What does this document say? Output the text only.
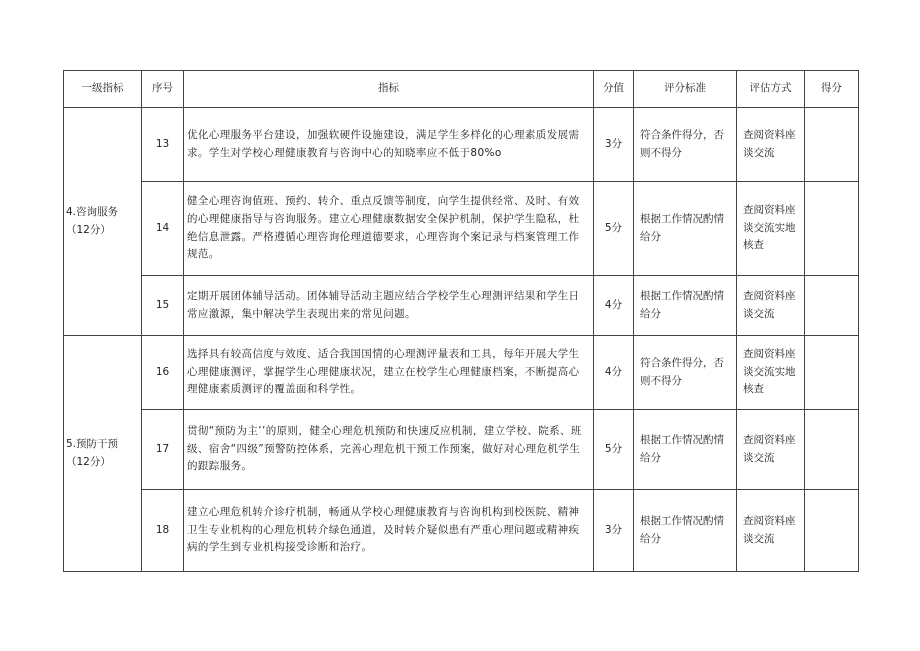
一级指标	序号	指标	分值	评分标准	评估方式	得分
4.咨询服务（12分）	13	优化心理服务平台建设，加强软硬件设施建设，满足学生多样化的心理素质发展需求。学生对学校心理健康教育与咨询中心的知晓率应不低于80%o	3分	符合条件得分，否则不得分	查阅资料座谈交流	
	14	健全心理咨询值班、预约、转介、重点反馈等制度，向学生提供经常、及时、有效的心理健康指导与咨询服务。建立心理健康数据安全保护机制，保护学生隐私，杜绝信息泄露。严格遵循心理咨询伦理道德要求，心理咨询个案记录与档案管理工作规范。	5分	根据工作情况酌情给分	查阅资料座谈交流实地核查	
	15	定期开展团体辅导活动。团体辅导活动主题应结合学校学生心理测评结果和学生日常应激源，集中解决学生表现出来的常见问题。	4分	根据工作情况酌情给分	查阅资料座谈交流	
5.预防干预（12分）	16	选择具有较高信度与效度、适合我国国情的心理测评量表和工具，每年开展大学生心理健康测评，掌握学生心理健康状况，建立在校学生心理健康档案，不断提高心理健康素质测评的覆盖面和科学性。	4分	符合条件得分，否则不得分	查阅资料座谈交流实地核查	
	17	贯彻“预防为主’’的原则，健全心理危机预防和快速反应机制，建立学校、院系、班级、宿舍“四级”预警防控体系，完善心理危机干预工作预案，做好对心理危机学生的跟踪服务。	5分	根据工作情况酌情给分	查阅资料座谈交流	
	18	建立心理危机转介诊疗机制，畅通从学校心理健康教育与咨询机构到校医院、精神卫生专业机构的心理危机转介绿色通道，及时转介疑似患有严重心理问题或精神疾病的学生到专业机构接受诊断和治疗。	3分	根据工作情况酌情给分	查阅资料座谈交流	
